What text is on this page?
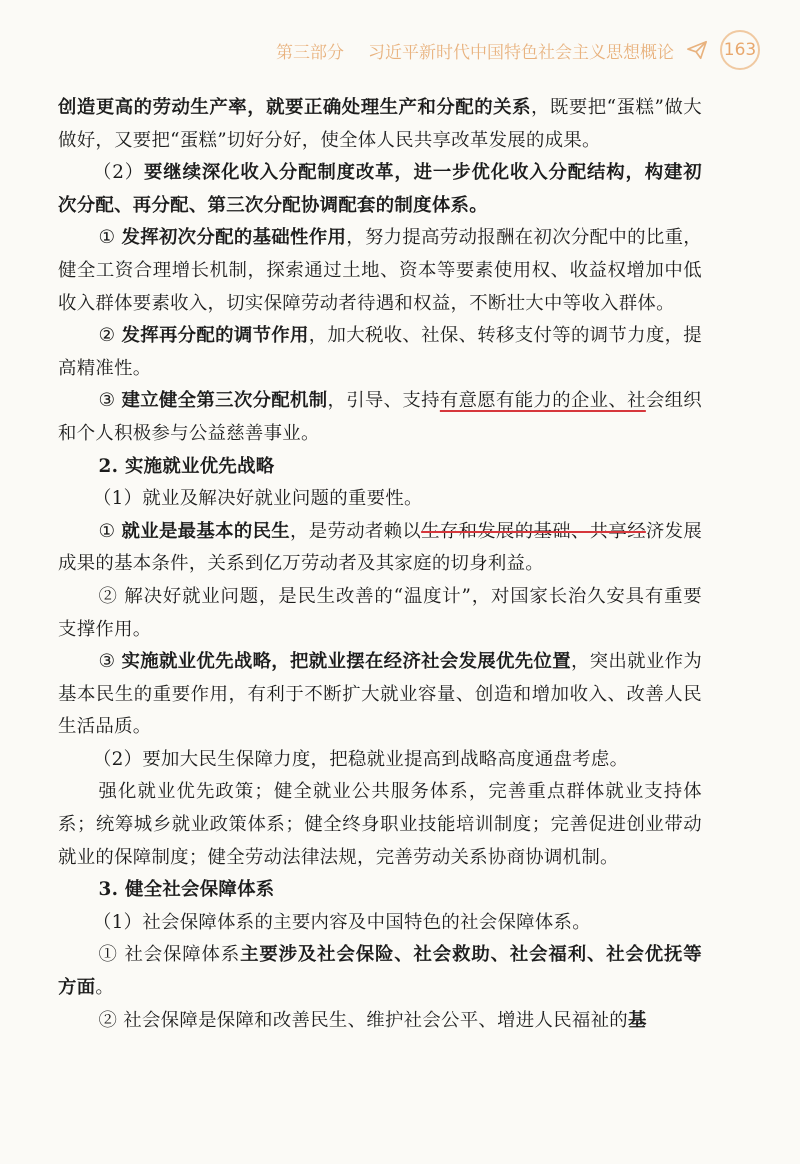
第三部分 习近平新时代中国特色社会主义思想概论	163

创造更高的劳动生产率，就要正确处理生产和分配的关系，既要把“蛋糕”做大做好，又要把“蛋糕”切好分好，使全体人民共享改革发展的成果。

（2）要继续深化收入分配制度改革，进一步优化收入分配结构，构建初次分配、再分配、第三次分配协调配套的制度体系。

① 发挥初次分配的基础性作用，努力提高劳动报酬在初次分配中的比重，健全工资合理增长机制，探索通过土地、资本等要素使用权、收益权增加中低收入群体要素收入，切实保障劳动者待遇和权益，不断壮大中等收入群体。

② 发挥再分配的调节作用，加大税收、社保、转移支付等的调节力度，提高精准性。

③ 建立健全第三次分配机制，引导、支持有意愿有能力的企业、社会组织和个人积极参与公益慈善事业。

2. 实施就业优先战略

（1）就业及解决好就业问题的重要性。

① 就业是最基本的民生，是劳动者赖以生存和发展的基础、共享经济发展成果的基本条件，关系到亿万劳动者及其家庭的切身利益。

② 解决好就业问题，是民生改善的“温度计”，对国家长治久安具有重要支撑作用。

③ 实施就业优先战略，把就业摆在经济社会发展优先位置，突出就业作为基本民生的重要作用，有利于不断扩大就业容量、创造和增加收入、改善人民生活品质。

（2）要加大民生保障力度，把稳就业提高到战略高度通盘考虑。

强化就业优先政策；健全就业公共服务体系，完善重点群体就业支持体系；统筹城乡就业政策体系；健全终身职业技能培训制度；完善促进创业带动就业的保障制度；健全劳动法律法规，完善劳动关系协商协调机制。

3. 健全社会保障体系

（1）社会保障体系的主要内容及中国特色的社会保障体系。

① 社会保障体系主要涉及社会保险、社会救助、社会福利、社会优抚等方面。

② 社会保障是保障和改善民生、维护社会公平、增进人民福祉的基
